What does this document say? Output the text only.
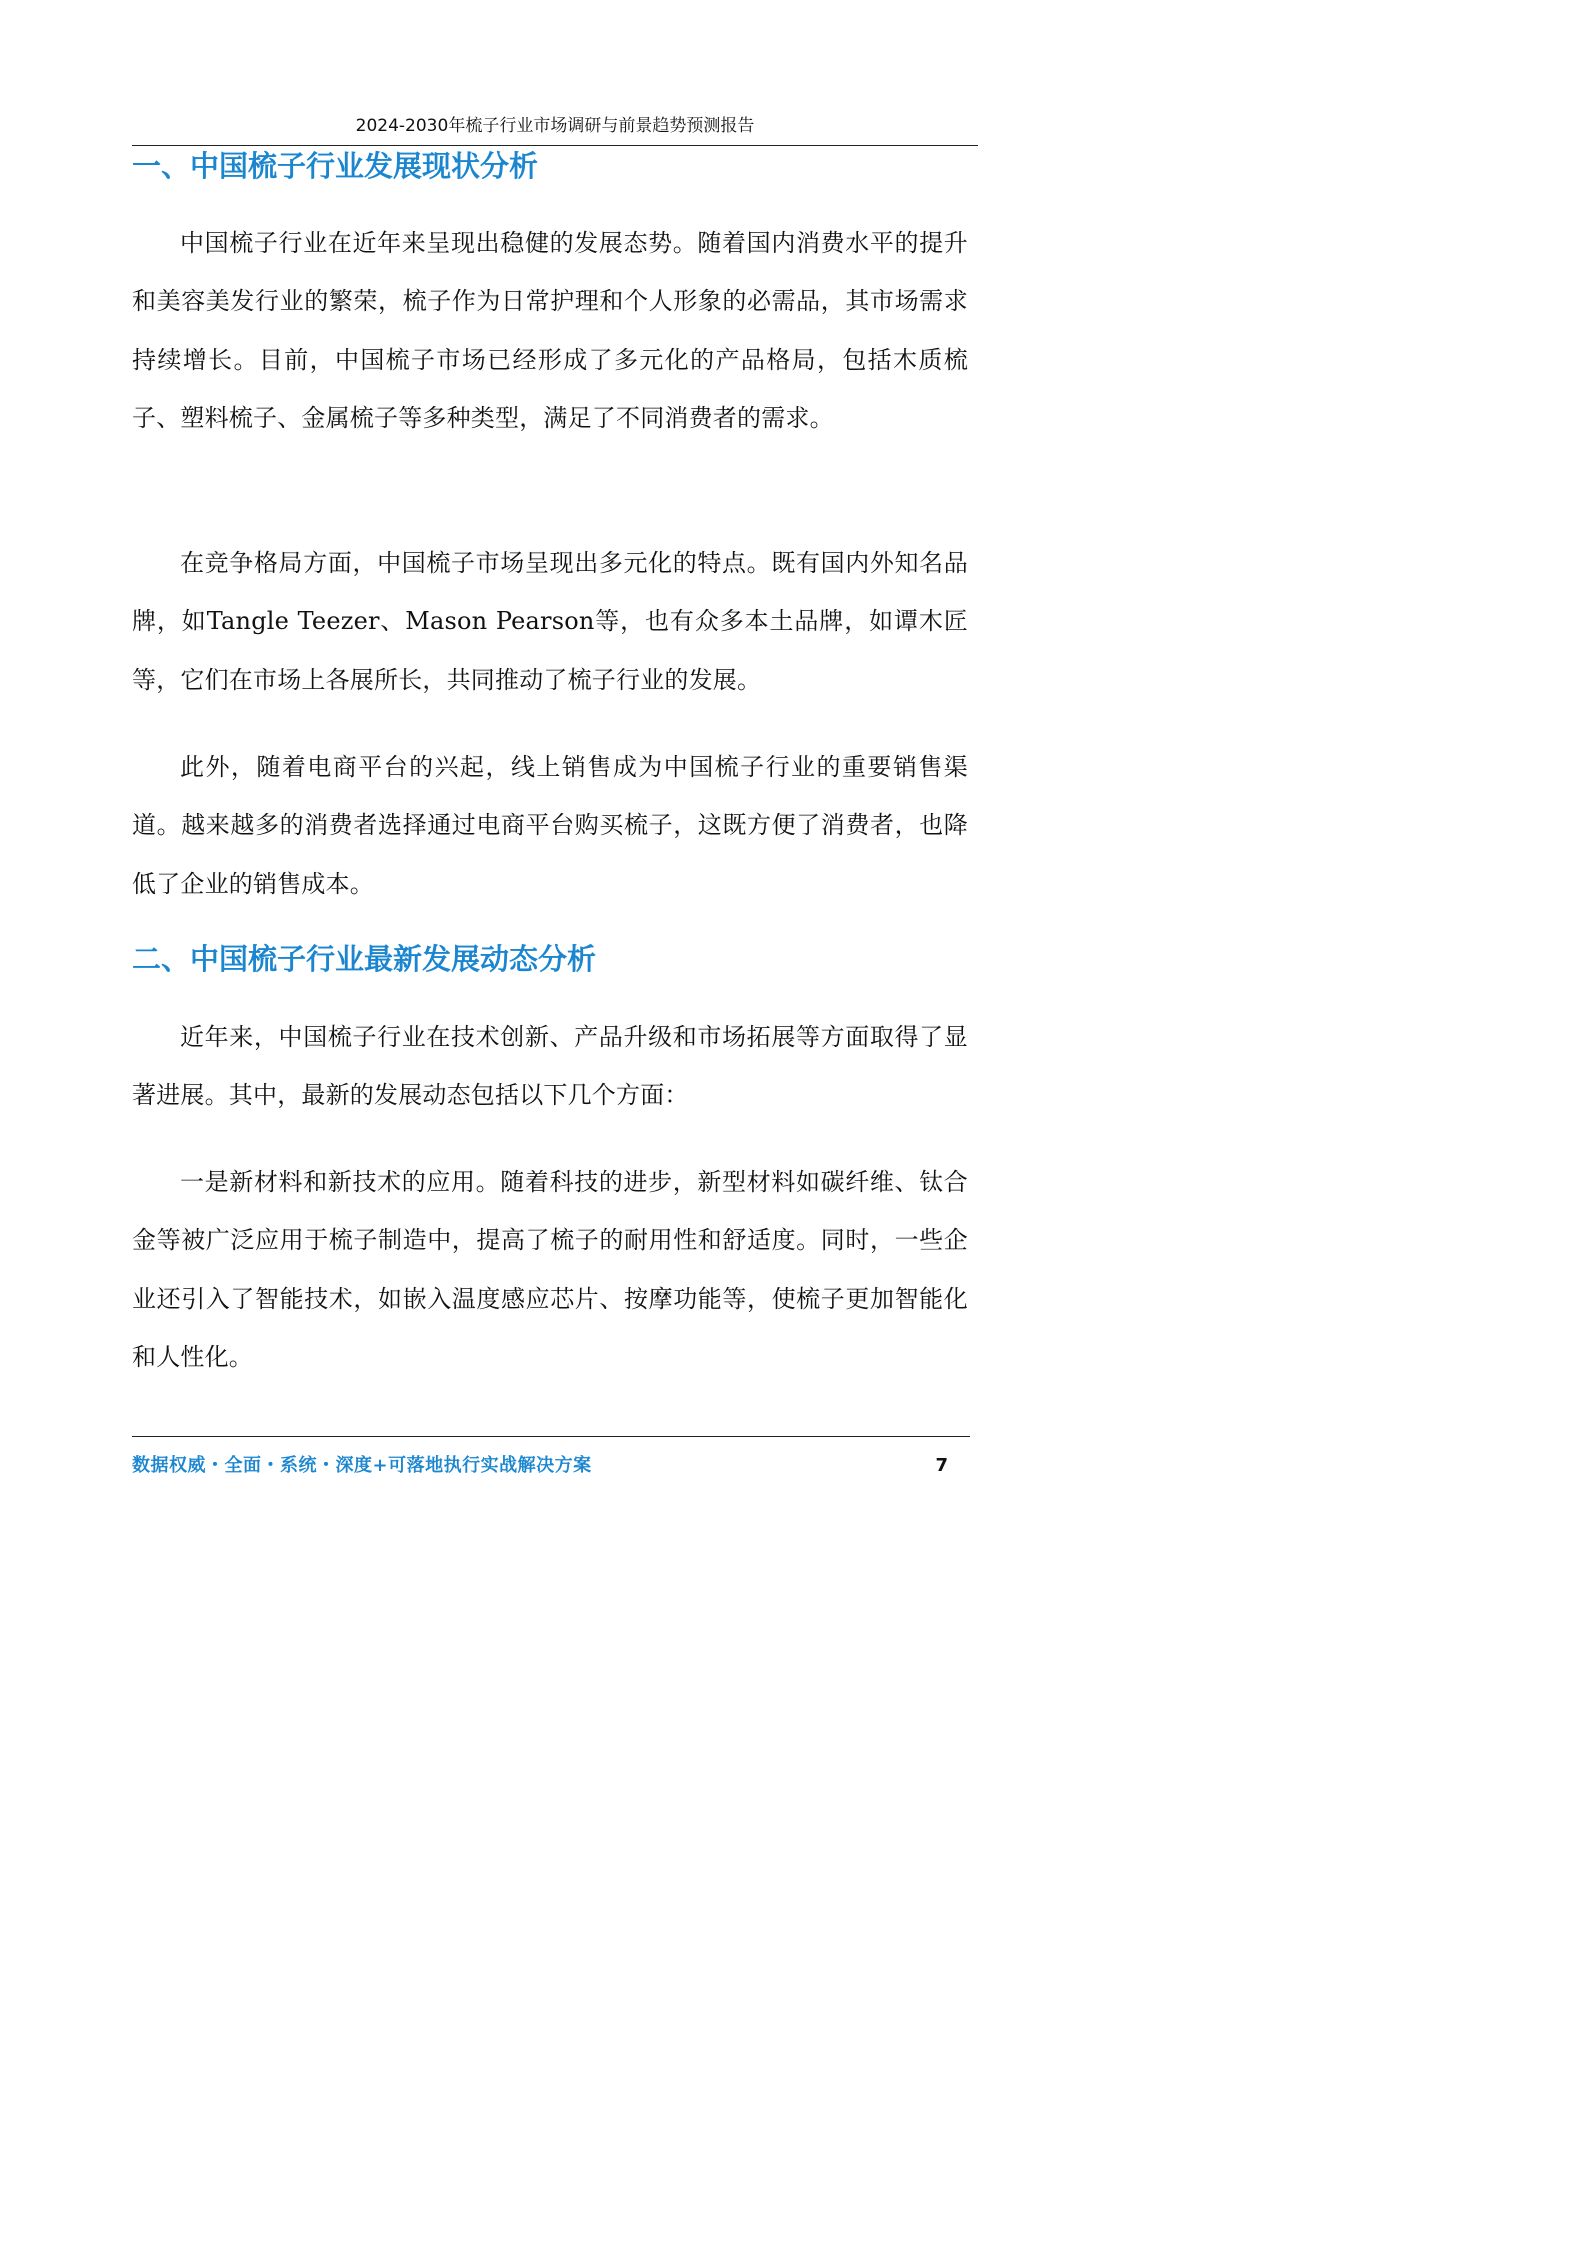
2024-2030年梳子行业市场调研与前景趋势预测报告
一、中国梳子行业发展现状分析

中国梳子行业在近年来呈现出稳健的发展态势。随着国内消费水平的提升和美容美发行业的繁荣，梳子作为日常护理和个人形象的必需品，其市场需求持续增长。目前，中国梳子市场已经形成了多元化的产品格局，包括木质梳子、塑料梳子、金属梳子等多种类型，满足了不同消费者的需求。

在竞争格局方面，中国梳子市场呈现出多元化的特点。既有国内外知名品牌，如Tangle Teezer、Mason Pearson等，也有众多本土品牌，如谭木匠等，它们在市场上各展所长，共同推动了梳子行业的发展。

此外，随着电商平台的兴起，线上销售成为中国梳子行业的重要销售渠道。越来越多的消费者选择通过电商平台购买梳子，这既方便了消费者，也降低了企业的销售成本。

二、中国梳子行业最新发展动态分析

近年来，中国梳子行业在技术创新、产品升级和市场拓展等方面取得了显著进展。其中，最新的发展动态包括以下几个方面：

一是新材料和新技术的应用。随着科技的进步，新型材料如碳纤维、钛合金等被广泛应用于梳子制造中，提高了梳子的耐用性和舒适度。同时，一些企业还引入了智能技术，如嵌入温度感应芯片、按摩功能等，使梳子更加智能化和人性化。

数据权威・全面・系统・深度+可落地执行实战解决方案	7
